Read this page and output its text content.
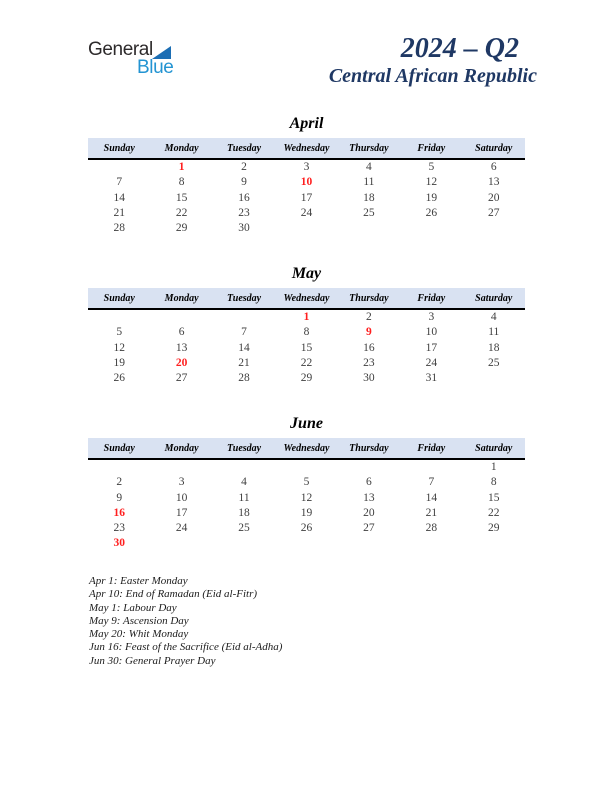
General
Blue
2024 – Q2
Central African Republic
April
Sunday	Monday	Tuesday	Wednesday	Thursday	Friday	Saturday
	1	2	3	4	5	6
7	8	9	10	11	12	13
14	15	16	17	18	19	20
21	22	23	24	25	26	27
28	29	30				
May
Sunday	Monday	Tuesday	Wednesday	Thursday	Friday	Saturday
			1	2	3	4
5	6	7	8	9	10	11
12	13	14	15	16	17	18
19	20	21	22	23	24	25
26	27	28	29	30	31	
June
Sunday	Monday	Tuesday	Wednesday	Thursday	Friday	Saturday
						1
2	3	4	5	6	7	8
9	10	11	12	13	14	15
16	17	18	19	20	21	22
23	24	25	26	27	28	29
30						
Apr 1: Easter Monday
Apr 10: End of Ramadan (Eid al-Fitr)
May 1: Labour Day
May 9: Ascension Day
May 20: Whit Monday
Jun 16: Feast of the Sacrifice (Eid al-Adha)
Jun 30: General Prayer Day
